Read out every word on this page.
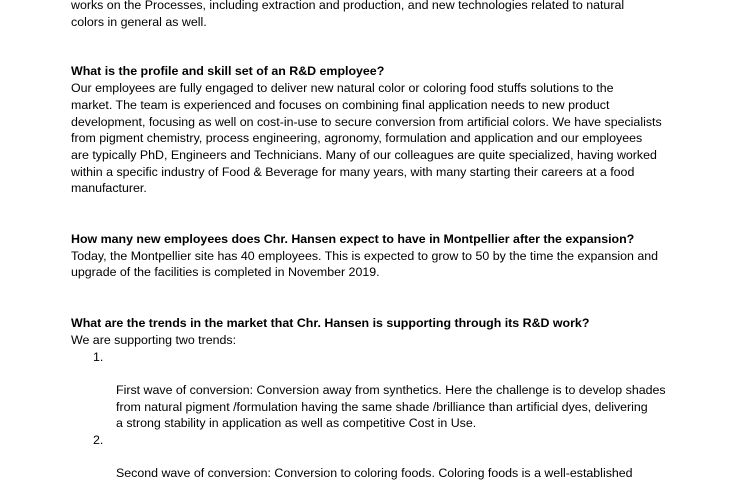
works on the Processes, including extraction and production, and new technologies related to natural
colors in general as well.

What is the profile and skill set of an R&D employee?

Our employees are fully engaged to deliver new natural color or coloring food stuffs solutions to the
market. The team is experienced and focuses on combining final application needs to new product
development, focusing as well on cost-in-use to secure conversion from artificial colors. We have specialists
from pigment chemistry, process engineering, agronomy, formulation and application and our employees
are typically PhD, Engineers and Technicians. Many of our colleagues are quite specialized, having worked
within a specific industry of Food & Beverage for many years, with many starting their careers at a food
manufacturer.

How many new employees does Chr. Hansen expect to have in Montpellier after the expansion?

Today, the Montpellier site has 40 employees. This is expected to grow to 50 by the time the expansion and
upgrade of the facilities is completed in November 2019.

What are the trends in the market that Chr. Hansen is supporting through its R&D work?

We are supporting two trends:

1.

First wave of conversion: Conversion away from synthetics. Here the challenge is to develop shades
from natural pigment /formulation having the same shade /brilliance than artificial dyes, delivering
a strong stability in application as well as competitive Cost in Use.

2.

Second wave of conversion: Conversion to coloring foods. Coloring foods is a well-established
